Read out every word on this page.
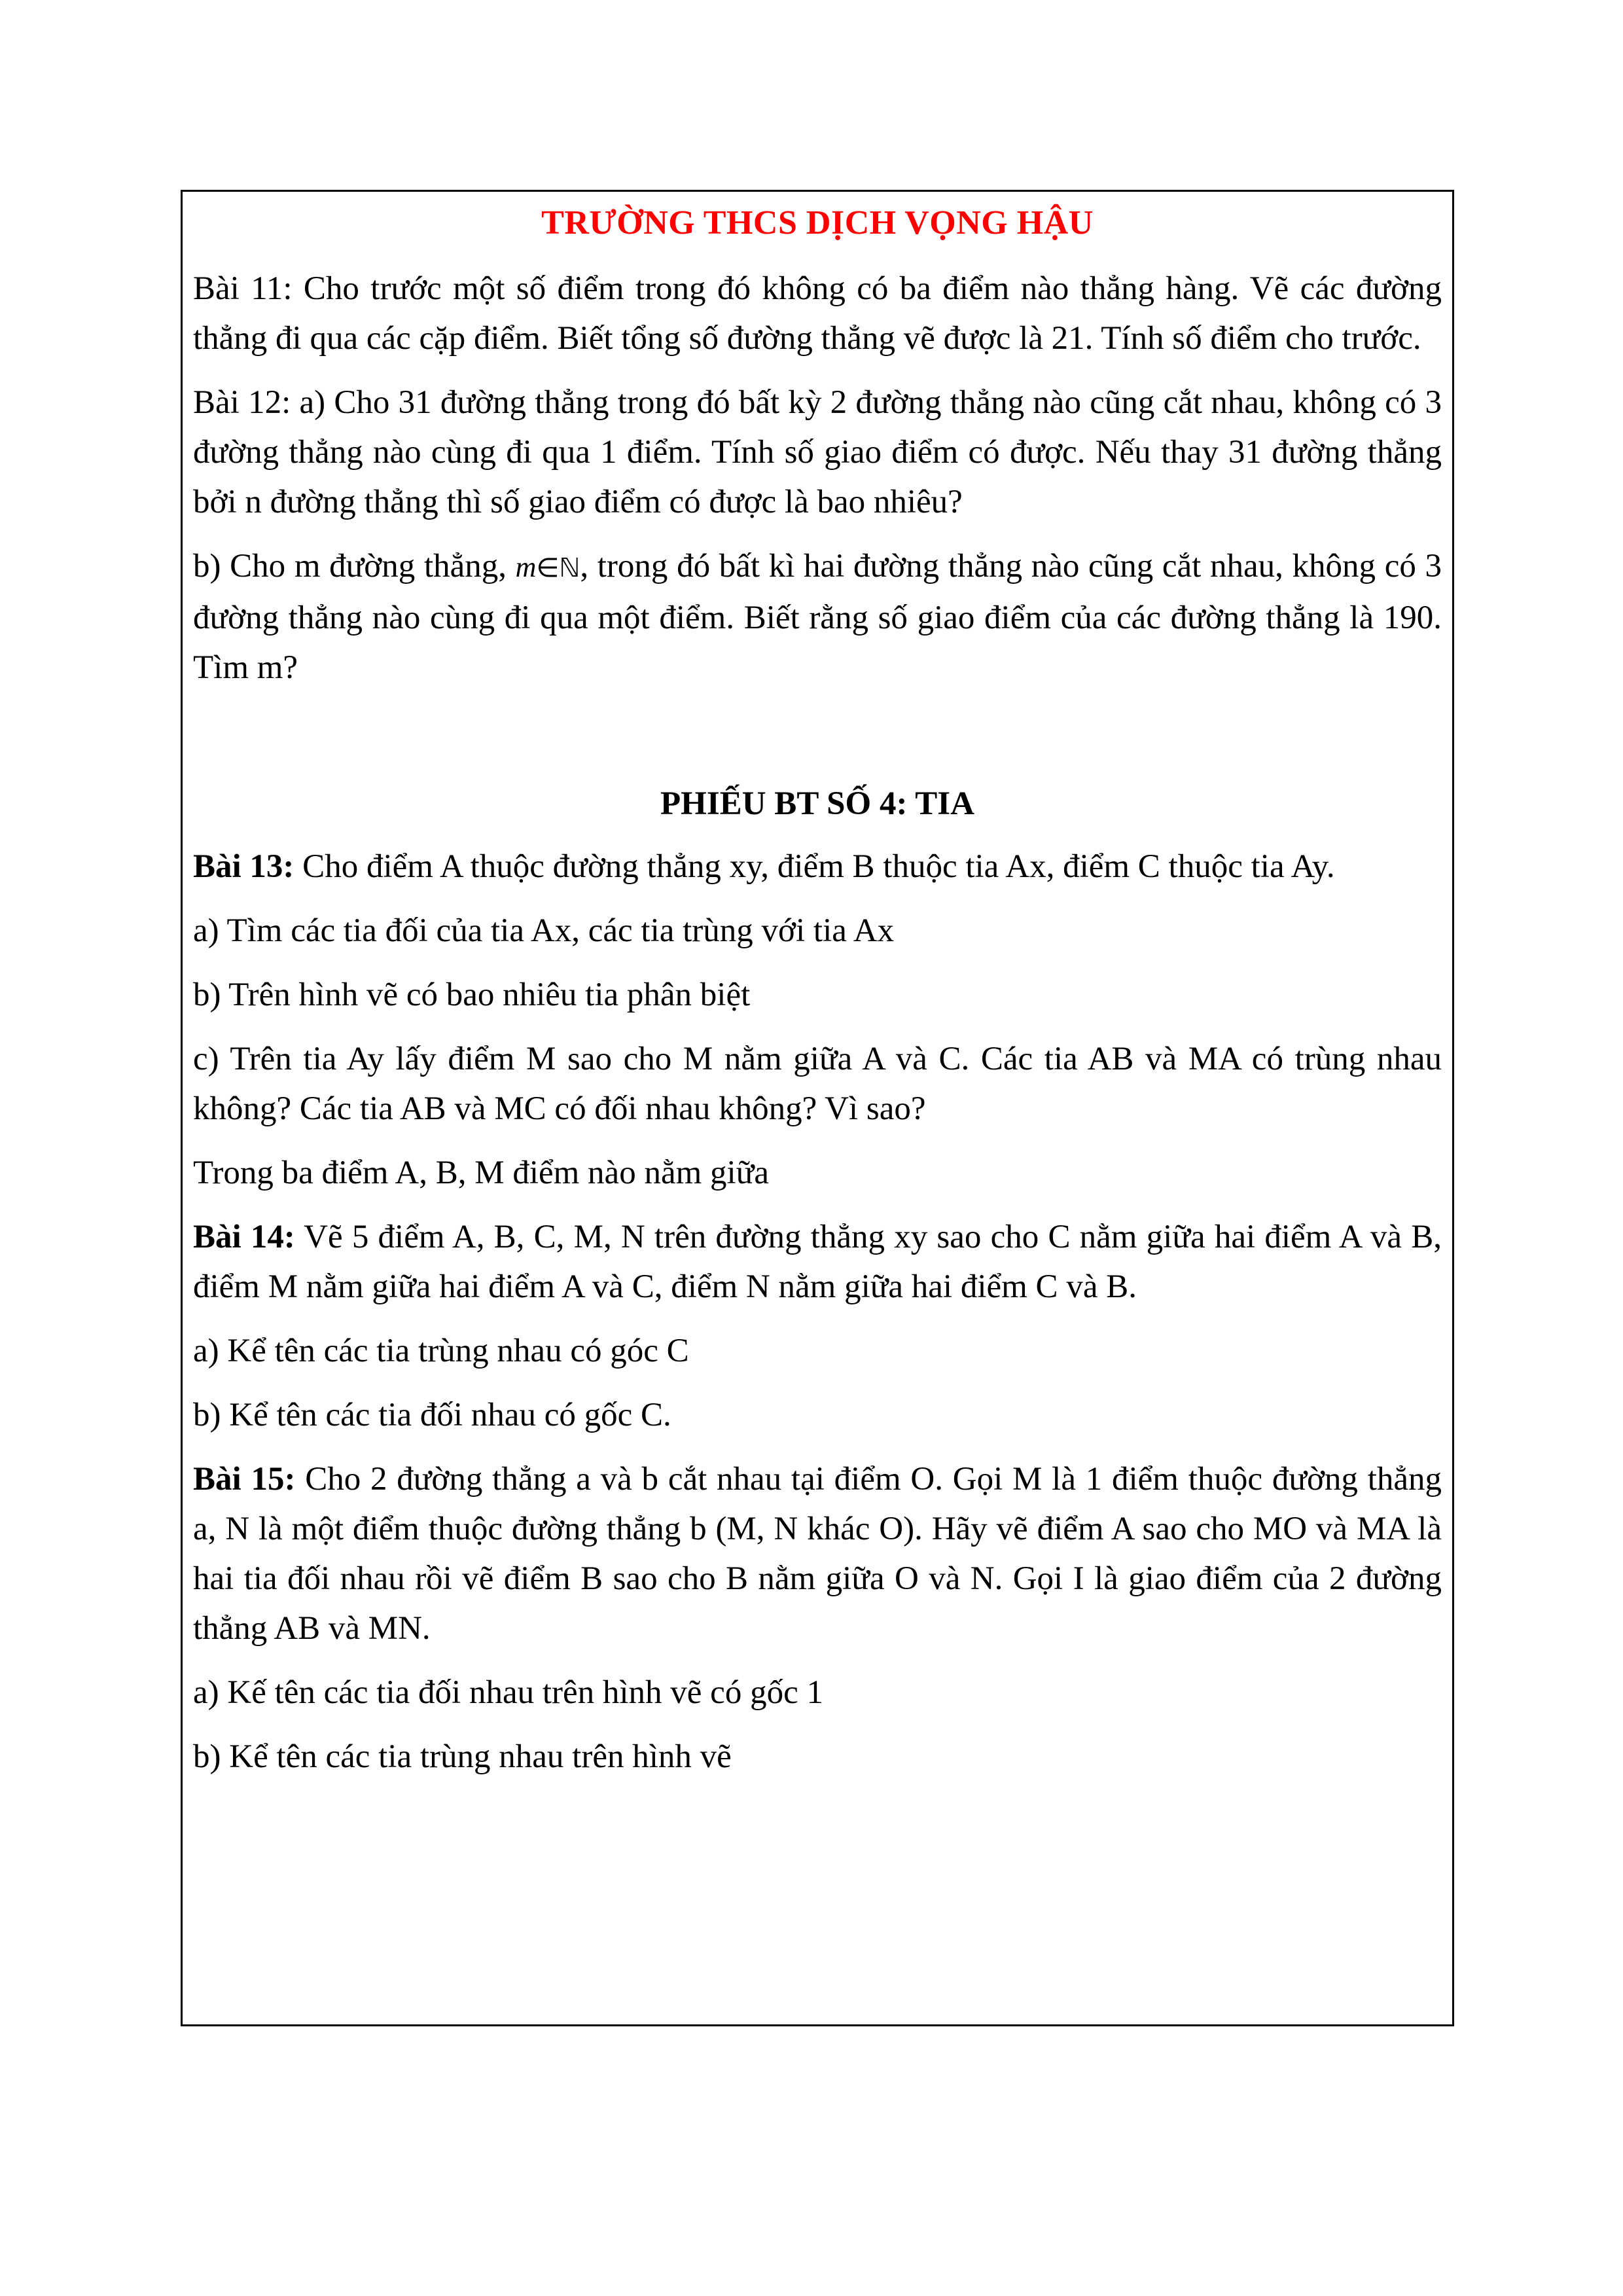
TRƯỜNG THCS DỊCH VỌNG HẬU

Bài 11: Cho trước một số điểm trong đó không có ba điểm nào thẳng hàng. Vẽ các đường thẳng đi qua các cặp điểm. Biết tổng số đường thẳng vẽ được là 21. Tính số điểm cho trước.

Bài 12: a) Cho 31 đường thẳng trong đó bất kỳ 2 đường thẳng nào cũng cắt nhau, không có 3 đường thẳng nào cùng đi qua 1 điểm. Tính số giao điểm có được. Nếu thay 31 đường thẳng bởi n đường thẳng thì số giao điểm có được là bao nhiêu?

b) Cho m đường thẳng, m∈ℕ, trong đó bất kì hai đường thẳng nào cũng cắt nhau, không có 3 đường thẳng nào cùng đi qua một điểm. Biết rằng số giao điểm của các đường thẳng là 190. Tìm m?

PHIẾU BT SỐ 4: TIA

Bài 13: Cho điểm A thuộc đường thẳng xy, điểm B thuộc tia Ax, điểm C thuộc tia Ay.

a) Tìm các tia đối của tia Ax, các tia trùng với tia Ax

b) Trên hình vẽ có bao nhiêu tia phân biệt

c) Trên tia Ay lấy điểm M sao cho M nằm giữa A và C. Các tia AB và MA có trùng nhau không? Các tia AB và MC có đối nhau không? Vì sao?

Trong ba điểm A, B, M điểm nào nằm giữa

Bài 14: Vẽ 5 điểm A, B, C, M, N trên đường thẳng xy sao cho C nằm giữa hai điểm A và B, điểm M nằm giữa hai điểm A và C, điểm N nằm giữa hai điểm C và B.

a) Kể tên các tia trùng nhau có góc C

b) Kể tên các tia đối nhau có gốc C.

Bài 15: Cho 2 đường thẳng a và b cắt nhau tại điểm O. Gọi M là 1 điểm thuộc đường thẳng a, N là một điểm thuộc đường thẳng b (M, N khác O). Hãy vẽ điểm A sao cho MO và MA là hai tia đối nhau rồi vẽ điểm B sao cho B nằm giữa O và N. Gọi I là giao điểm của 2 đường thẳng AB và MN.

a) Kế tên các tia đối nhau trên hình vẽ có gốc 1

b) Kể tên các tia trùng nhau trên hình vẽ
